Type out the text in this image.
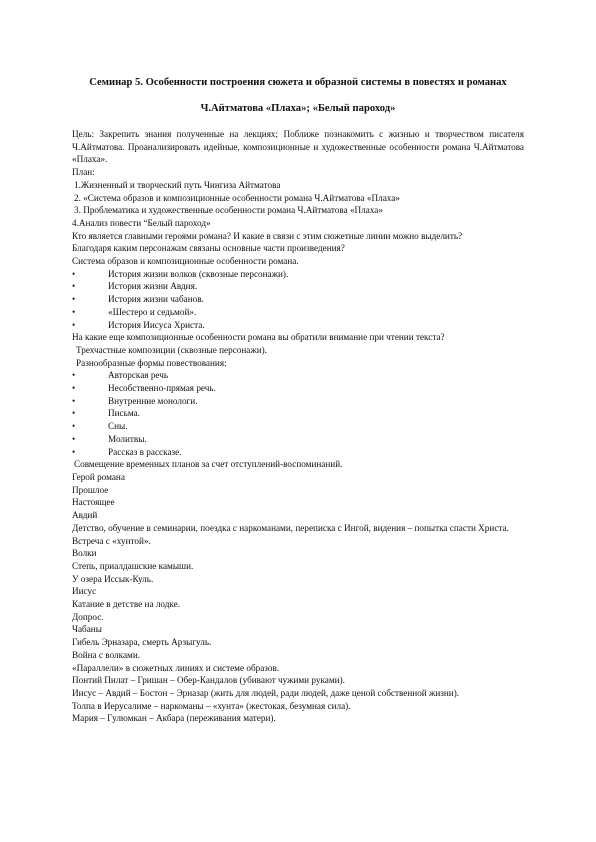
Семинар 5. Особенности построения сюжета и образной системы в повестях и романах Ч.Айтматова «Плаха»; «Белый пароход»

Цель: Закрепить знания полученные на лекциях; Поближе познакомить с жизнью и творчеством писателя Ч.Айтматова. Проанализировать идейные, композиционные и художественные особенности романа Ч.Айтматова «Плаха».

План:

1.Жизненный и творческий путь Чингиза Айтматова

2. «Система образов и композиционные особенности романа Ч.Айтматова «Плаха»

3. Проблематика и художественные особенности романа Ч.Айтматова «Плаха»

4.Анализ повести “Белый пароход»

Кто является главными героями романа? И какие в связи с этим сюжетные линии можно выделить?

Благодаря каким персонажам связаны основные части произведения?

Система образов и композиционные особенности романа.

• История жизни волков (сквозные персонажи).
• История жизни Авдия.
• История жизни чабанов.
• «Шестеро и седьмой».
• История Иисуса Христа.

На какие еще композиционные особенности романа вы обратили внимание при чтении текста?

Трехчастные композиции (сквозные персонажи).

Разнообразные формы повествования:

• Авторская речь
• Несобственно-прямая речь.
• Внутренние монологи.
• Письма.
• Сны.
• Молитвы.
• Рассказ в рассказе.

Совмещение временных планов за счет отступлений-воспоминаний.

Герой романа

Прошлое

Настоящее

Авдий

Детство, обучение в семинарии, поездка с наркоманами, переписка с Ингой, видения – попытка спасти Христа.

Встреча с «хунтой».

Волки

Степь, приалдашские камыши.

У озера Иссык-Куль.

Иисус

Катание в детстве на лодке.

Допрос.

Чабаны

Гибель Эрназара, смерть Арзыгуль.

Война с волками.

«Параллели» в сюжетных линиях и системе образов.

Понтий Пилат – Гришан – Обер-Кандалов (убивают чужими руками).

Иисус – Авдий – Бостон – Эрназар (жить для людей, ради людей, даже ценой собственной жизни).

Толпа в Иерусалиме – наркоманы – «хунта» (жестокая, безумная сила).

Мария – Гулюмкан – Акбара (переживания матери).
